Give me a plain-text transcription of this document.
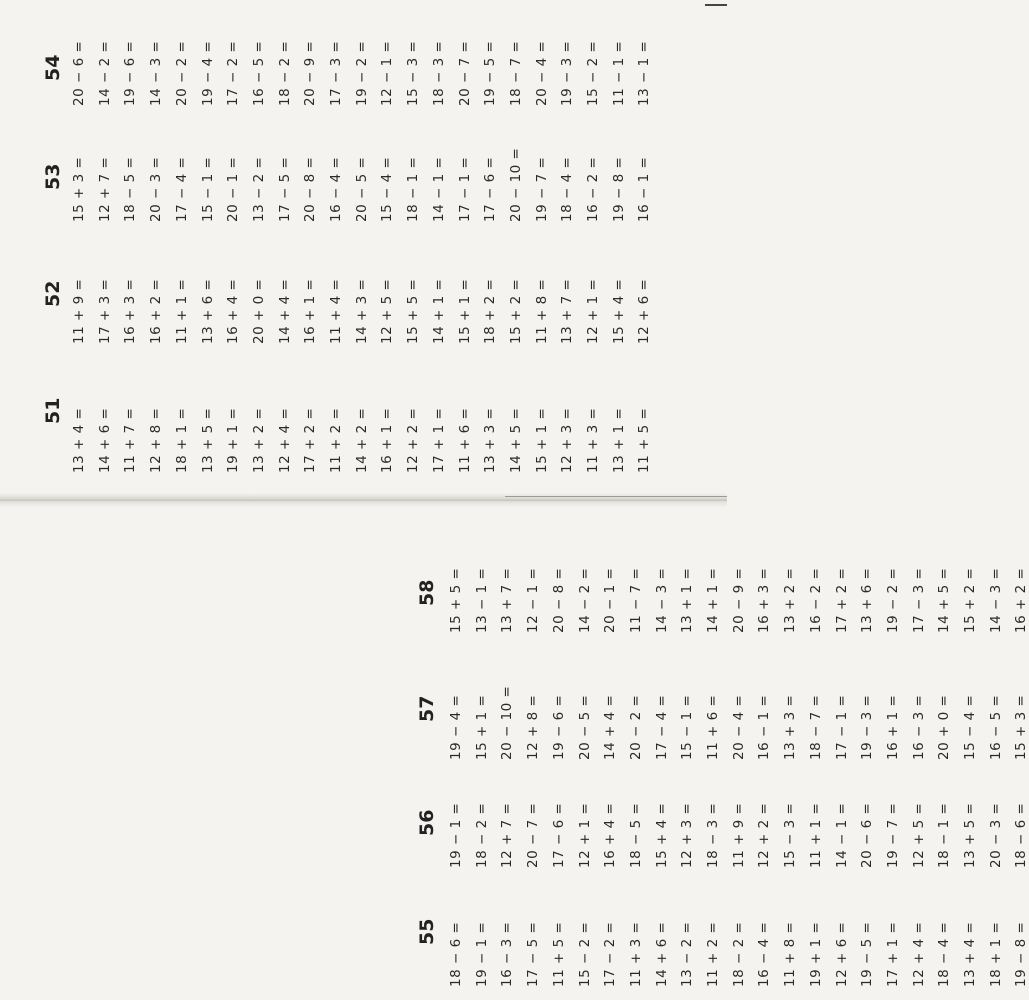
51 13 + 4 = 14 + 6 = 11 + 7 = 12 + 8 = 18 + 1 = 13 + 5 = 19 + 1 = 13 + 2 = 12 + 4 = 17 + 2 = 11 + 2 = 14 + 2 = 16 + 1 = 12 + 2 = 17 + 1 = 11 + 6 = 13 + 3 = 14 + 5 = 15 + 1 = 12 + 3 = 11 + 3 = 13 + 1 = 11 + 5 =
52 11 + 9 = 17 + 3 = 16 + 3 = 16 + 2 = 11 + 1 = 13 + 6 = 16 + 4 = 20 + 0 = 14 + 4 = 16 + 1 = 11 + 4 = 14 + 3 = 12 + 5 = 15 + 5 = 14 + 1 = 15 + 1 = 18 + 2 = 15 + 2 = 11 + 8 = 13 + 7 = 12 + 1 = 15 + 4 = 12 + 6 =
53 15 + 3 = 12 + 7 = 18 − 5 = 20 − 3 = 17 − 4 = 15 − 1 = 20 − 1 = 13 − 2 = 17 − 5 = 20 − 8 = 16 − 4 = 20 − 5 = 15 − 4 = 18 − 1 = 14 − 1 = 17 − 1 = 17 − 6 = 20 − 10 = 19 − 7 = 18 − 4 = 16 − 2 = 19 − 8 = 16 − 1 =
54 20 − 6 = 14 − 2 = 19 − 6 = 14 − 3 = 20 − 2 = 19 − 4 = 17 − 2 = 16 − 5 = 18 − 2 = 20 − 9 = 17 − 3 = 19 − 2 = 12 − 1 = 15 − 3 = 18 − 3 = 20 − 7 = 19 − 5 = 18 − 7 = 20 − 4 = 19 − 3 = 15 − 2 = 11 − 1 = 13 − 1 =
55 18 − 6 = 19 − 1 = 16 − 3 = 17 − 5 = 11 + 5 = 15 − 2 = 17 − 2 = 11 + 3 = 14 + 6 = 13 − 2 = 11 + 2 = 18 − 2 = 16 − 4 = 11 + 8 = 19 + 1 = 12 + 6 = 19 − 5 = 17 + 1 = 12 + 4 = 18 − 4 = 13 + 4 = 18 + 1 = 19 − 8 =
56 19 − 1 = 18 − 2 = 12 + 7 = 20 − 7 = 17 − 6 = 12 + 1 = 16 + 4 = 18 − 5 = 15 + 4 = 12 + 3 = 18 − 3 = 11 + 9 = 12 + 2 = 15 − 3 = 11 + 1 = 14 − 1 = 20 − 6 = 19 − 7 = 12 + 5 = 18 − 1 = 13 + 5 = 20 − 3 = 18 − 6 =
57 19 − 4 = 15 + 1 = 20 − 10 = 12 + 8 = 19 − 6 = 20 − 5 = 14 + 4 = 20 − 2 = 17 − 4 = 15 − 1 = 11 + 6 = 20 − 4 = 16 − 1 = 13 + 3 = 18 − 7 = 17 − 1 = 19 − 3 = 16 + 1 = 16 − 3 = 20 + 0 = 15 − 4 = 16 − 5 = 15 + 3 =
58 15 + 5 = 13 − 1 = 13 + 7 = 12 − 1 = 20 − 8 = 14 − 2 = 20 − 1 = 11 − 7 = 14 − 3 = 13 + 1 = 14 + 1 = 20 − 9 = 16 + 3 = 13 + 2 = 16 − 2 = 17 + 2 = 13 + 6 = 19 − 2 = 17 − 3 = 14 + 5 = 15 + 2 = 14 − 3 = 16 + 2 =
